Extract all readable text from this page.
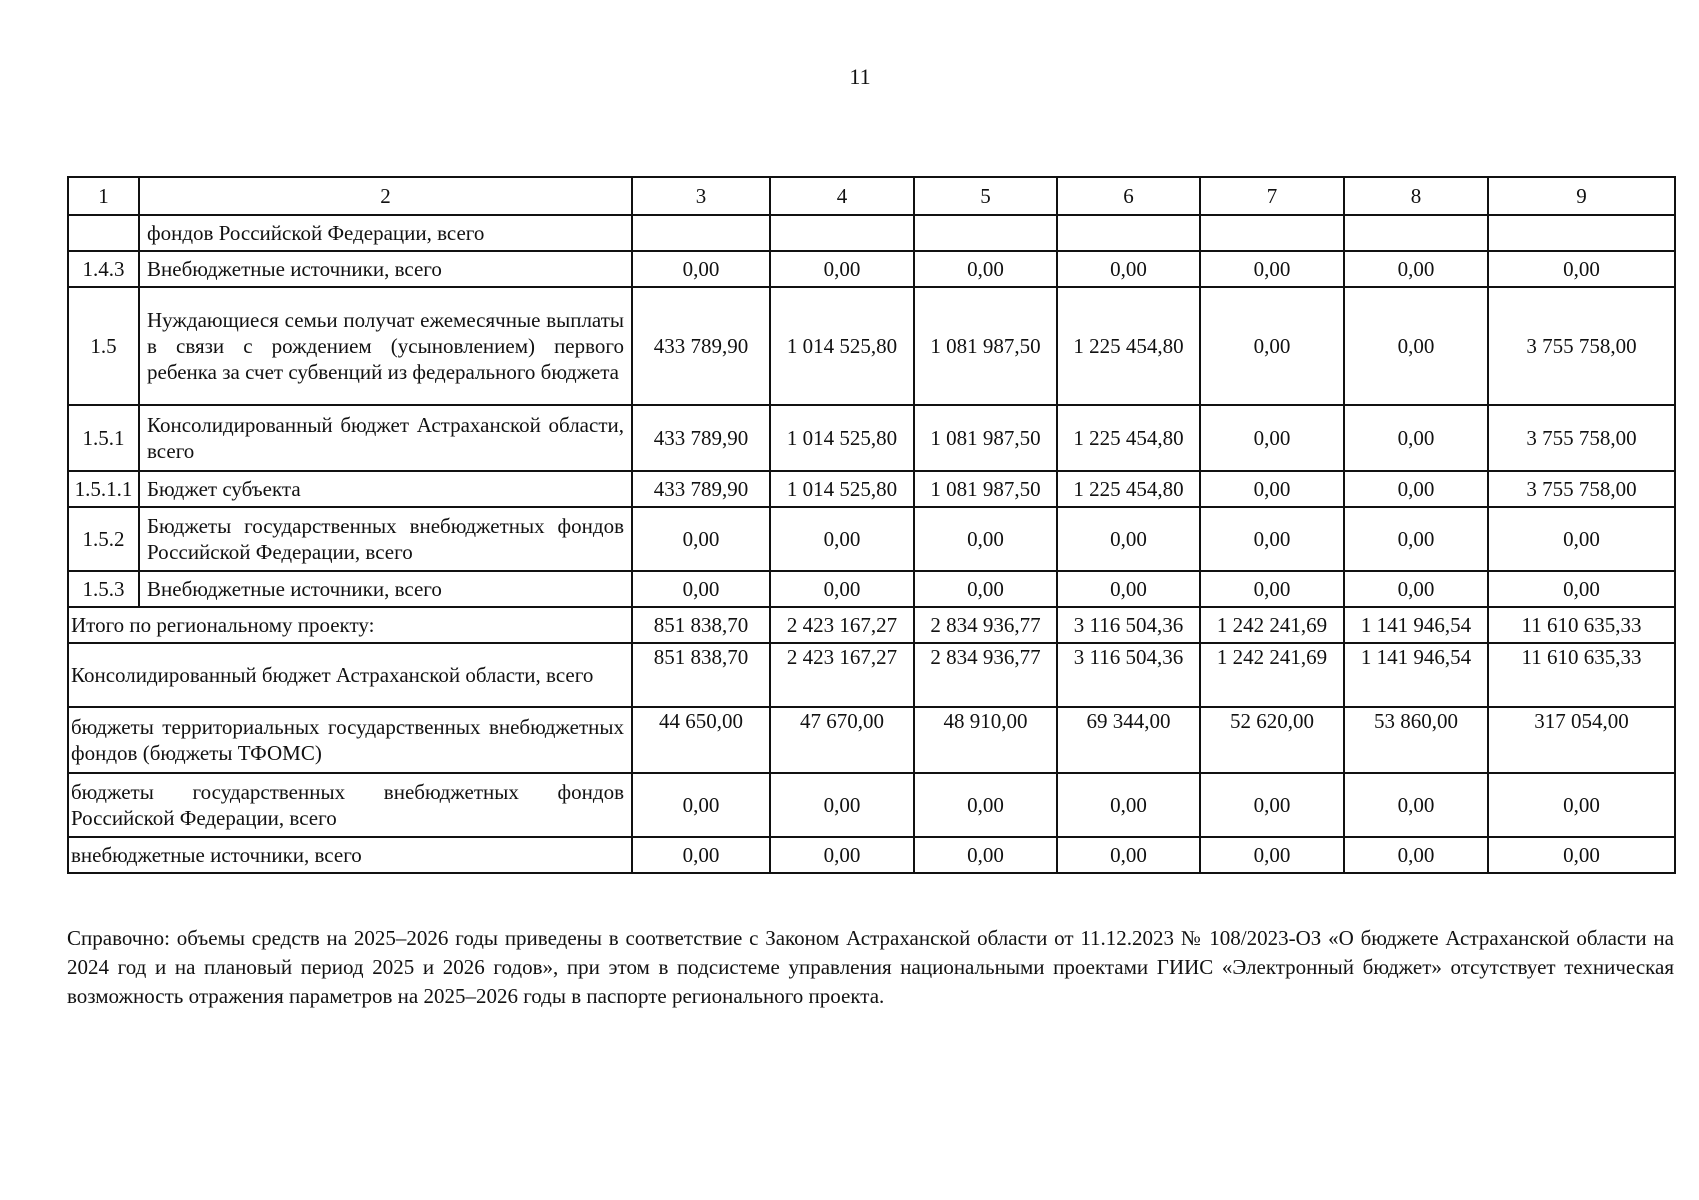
11
1	2	3	4	5	6	7	8	9
	фондов Российской Федерации, всего							
1.4.3	Внебюджетные источники, всего	0,00	0,00	0,00	0,00	0,00	0,00	0,00
1.5	Нуждающиеся семьи получат ежемесячные выплаты в связи с рождением (усыновлением) первого ребенка за счет субвенций из федерального бюджета	433 789,90	1 014 525,80	1 081 987,50	1 225 454,80	0,00	0,00	3 755 758,00
1.5.1	Консолидированный бюджет Астраханской области, всего	433 789,90	1 014 525,80	1 081 987,50	1 225 454,80	0,00	0,00	3 755 758,00
1.5.1.1	Бюджет субъекта	433 789,90	1 014 525,80	1 081 987,50	1 225 454,80	0,00	0,00	3 755 758,00
1.5.2	Бюджеты государственных внебюджетных фондов Российской Федерации, всего	0,00	0,00	0,00	0,00	0,00	0,00	0,00
1.5.3	Внебюджетные источники, всего	0,00	0,00	0,00	0,00	0,00	0,00	0,00
Итого по региональному проекту:		851 838,70	2 423 167,27	2 834 936,77	3 116 504,36	1 242 241,69	1 141 946,54	11 610 635,33
Консолидированный бюджет Астраханской области, всего		851 838,70	2 423 167,27	2 834 936,77	3 116 504,36	1 242 241,69	1 141 946,54	11 610 635,33
бюджеты территориальных государственных внебюджетных фондов (бюджеты ТФОМС)		44 650,00	47 670,00	48 910,00	69 344,00	52 620,00	53 860,00	317 054,00
бюджеты государственных внебюджетных фондов Российской Федерации, всего		0,00	0,00	0,00	0,00	0,00	0,00	0,00
внебюджетные источники, всего		0,00	0,00	0,00	0,00	0,00	0,00	0,00

Справочно: объемы средств на 2025–2026 годы приведены в соответствие с Законом Астраханской области от 11.12.2023 № 108/2023-ОЗ «О бюджете Астраханской области на 2024 год и на плановый период 2025 и 2026 годов», при этом в подсистеме управления национальными проектами ГИИС «Электронный бюджет» отсутствует техническая возможность отражения параметров на 2025–2026 годы в паспорте регионального проекта.
